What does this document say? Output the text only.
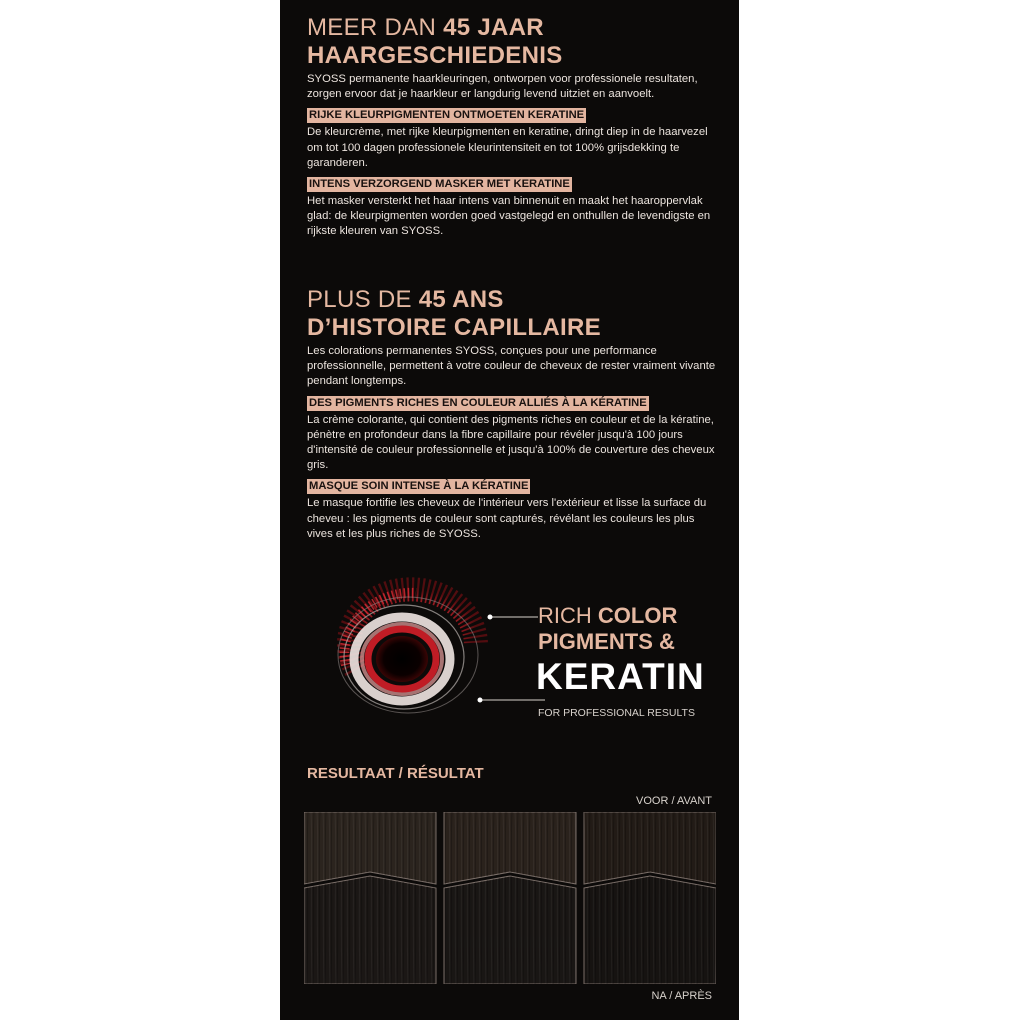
MEER DAN 45 JAAR
HAARGESCHIEDENIS

SYOSS permanente haarkleuringen, ontworpen voor professionele resultaten, zorgen ervoor dat je haarkleur er langdurig levend uitziet en aanvoelt.

RIJKE KLEURPIGMENTEN ONTMOETEN KERATINE

De kleurcrème, met rijke kleurpigmenten en keratine, dringt diep in de haarvezel om tot 100 dagen professionele kleurintensiteit en tot 100% grijsdekking te garanderen.

INTENS VERZORGEND MASKER MET KERATINE

Het masker versterkt het haar intens van binnenuit en maakt het haaroppervlak glad: de kleurpigmenten worden goed vastgelegd en onthullen de levendigste en rijkste kleuren van SYOSS.

PLUS DE 45 ANS
D’HISTOIRE CAPILLAIRE

Les colorations permanentes SYOSS, conçues pour une performance professionnelle, permettent à votre couleur de cheveux de rester vraiment vivante pendant longtemps.

DES PIGMENTS RICHES EN COULEUR ALLIÉS À LA KÉRATINE

La crème colorante, qui contient des pigments riches en couleur et de la kératine, pénètre en profondeur dans la fibre capillaire pour révéler jusqu'à 100 jours d'intensité de couleur professionnelle et jusqu'à 100% de couverture des cheveux gris.

MASQUE SOIN INTENSE À LA KÉRATINE

Le masque fortifie les cheveux de l'intérieur vers l'extérieur et lisse la surface du cheveu : les pigments de couleur sont capturés, révélant les couleurs les plus vives et les plus riches de SYOSS.

RICH COLOR
PIGMENTS &
KERATIN
FOR PROFESSIONAL RESULTS
RESULTAAT / RÉSULTAT
VOOR / AVANT
NA / APRÈS
